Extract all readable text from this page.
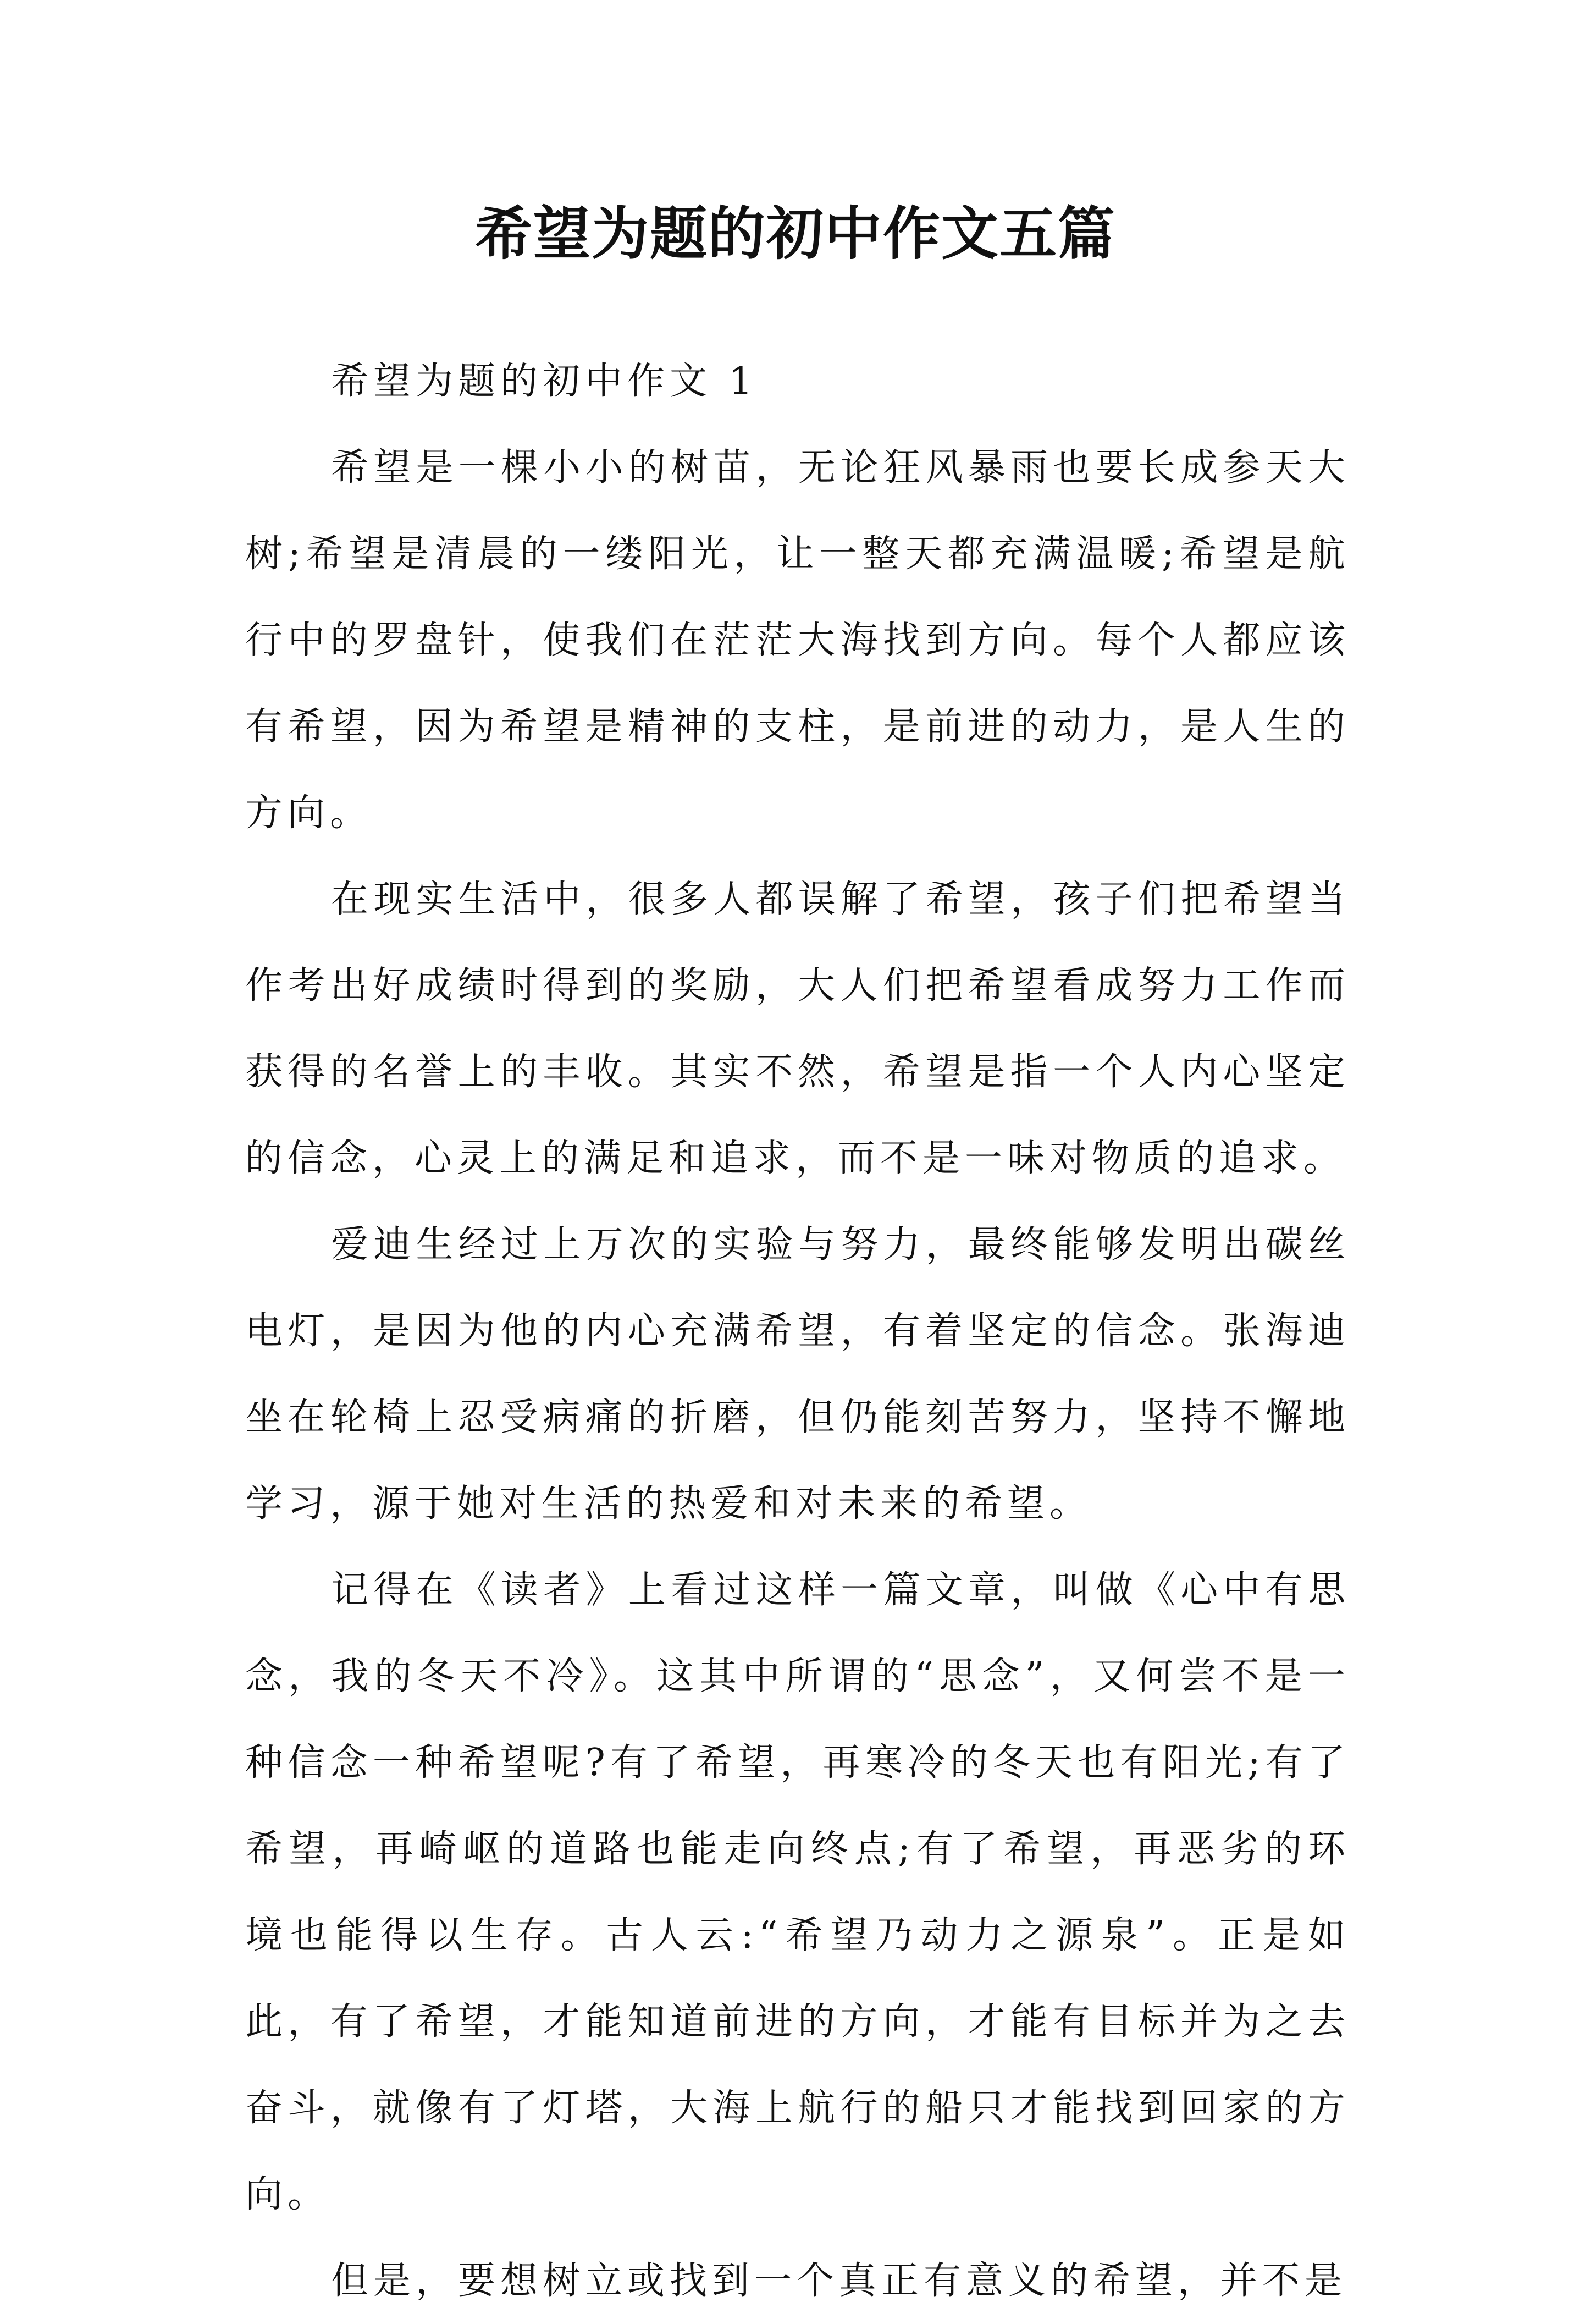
希望为题的初中作文五篇

希望为题的初中作文 1

希望是一棵小小的树苗，无论狂风暴雨也要长成参天大树;希望是清晨的一缕阳光，让一整天都充满温暖;希望是航行中的罗盘针，使我们在茫茫大海找到方向。每个人都应该有希望，因为希望是精神的支柱，是前进的动力，是人生的方向。

在现实生活中，很多人都误解了希望，孩子们把希望当作考出好成绩时得到的奖励，大人们把希望看成努力工作而获得的名誉上的丰收。其实不然，希望是指一个人内心坚定的信念，心灵上的满足和追求，而不是一味对物质的追求。

爱迪生经过上万次的实验与努力，最终能够发明出碳丝电灯，是因为他的内心充满希望，有着坚定的信念。张海迪坐在轮椅上忍受病痛的折磨，但仍能刻苦努力，坚持不懈地学习，源于她对生活的热爱和对未来的希望。

记得在《读者》上看过这样一篇文章，叫做《心中有思念，我的冬天不冷》。这其中所谓的“思念”，又何尝不是一种信念一种希望呢?有了希望，再寒冷的冬天也有阳光;有了希望，再崎岖的道路也能走向终点;有了希望，再恶劣的环境也能得以生存。古人云:“希望乃动力之源泉”。正是如此，有了希望，才能知道前进的方向，才能有目标并为之去奋斗，就像有了灯塔，大海上航行的船只才能找到回家的方向。

但是，要想树立或找到一个真正有意义的希望，并不是
